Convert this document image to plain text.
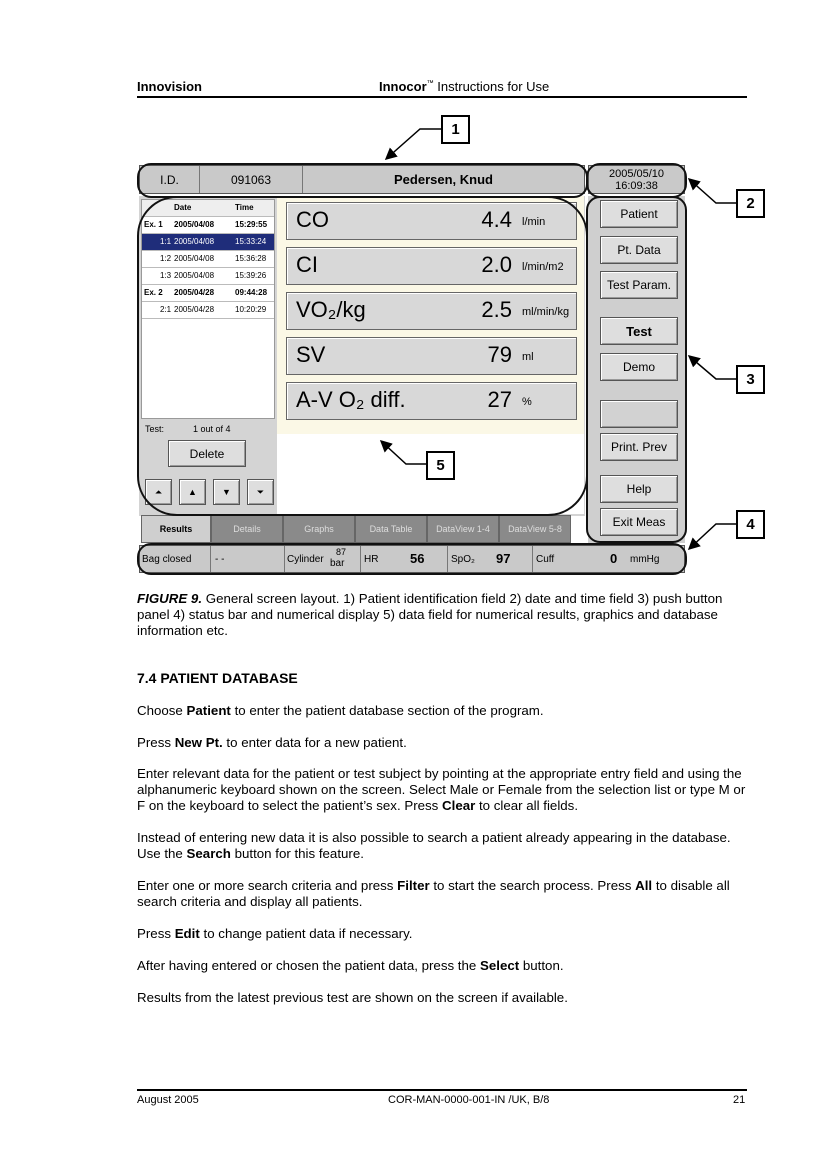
Innovision	Innocor™ Instructions for Use
I.D.	091063	Pedersen, Knud	2005/05/10
16:09:38
Date	Time
Ex. 1 2005/04/08	15:29:55
1:1 2005/04/08	15:33:24
1:2 2005/04/08	15:36:28
1:3 2005/04/08	15:39:26
Ex. 2 2005/04/28	09:44:28
2:1 2005/04/28	10:20:29
Test:	1 out of 4
Delete
⏶	▲	▼	⏷
CO	4.4 l/min
CI	2.0 l/min/m2
VO₂/kg	2.5 ml/min/kg
SV	79 ml
A-V O₂ diff.	27 %
Patient
Pt. Data
Test Param.
Test
Demo
Print. Prev
Help
Exit Meas
Results	Details	Graphs	Data Table	DataView 1-4	DataView 5-8
Bag closed - -	Cylinder
87
bar HR 56	SpO₂ 97	Cuff	0 mmHg
1
2
3
4
5
FIGURE 9. General screen layout. 1) Patient identification field 2) date and time field 3) push button panel 4) status bar and numerical display 5) data field for numerical results, graphics and database information etc.
7.4 PATIENT DATABASE
Choose Patient to enter the patient database section of the program.
Press New Pt. to enter data for a new patient.
Enter relevant data for the patient or test subject by pointing at the appropriate entry field and using the alphanumeric keyboard shown on the screen. Select Male or Female from the selection list or type M or F on the keyboard to select the patient’s sex. Press Clear to clear all fields.
Instead of entering new data it is also possible to search a patient already appearing in the database. Use the Search button for this feature.
Enter one or more search criteria and press Filter to start the search process. Press All to disable all search criteria and display all patients.
Press Edit to change patient data if necessary.
After having entered or chosen the patient data, press the Select button.
Results from the latest previous test are shown on the screen if available.
August 2005	COR-MAN-0000-001-IN /UK, B/8	21
